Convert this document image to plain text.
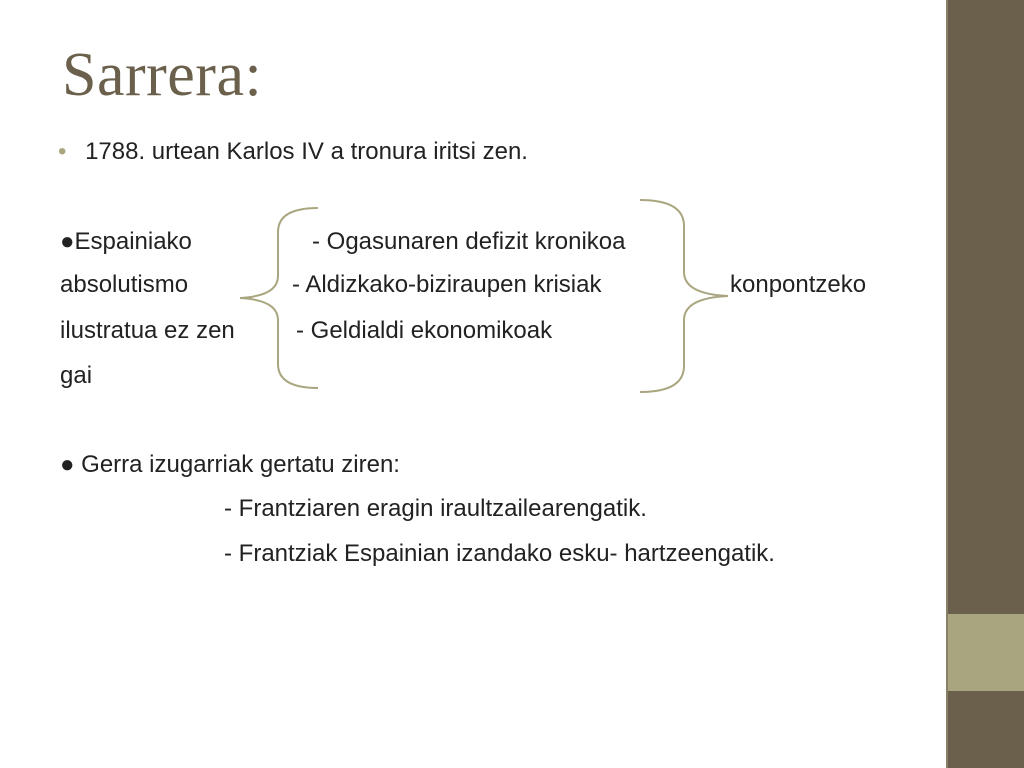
Sarrera:
• 1788. urtean Karlos IV a tronura iritsi zen.
●Espainiako
absolutismo
ilustratua ez zen
gai
- Ogasunaren defizit kronikoa
- Aldizkako-biziraupen krisiak
- Geldialdi ekonomikoak
konpontzeko
● Gerra izugarriak gertatu ziren:
- Frantziaren eragin iraultzailearengatik.
- Frantziak Espainian izandako esku- hartzeengatik.
